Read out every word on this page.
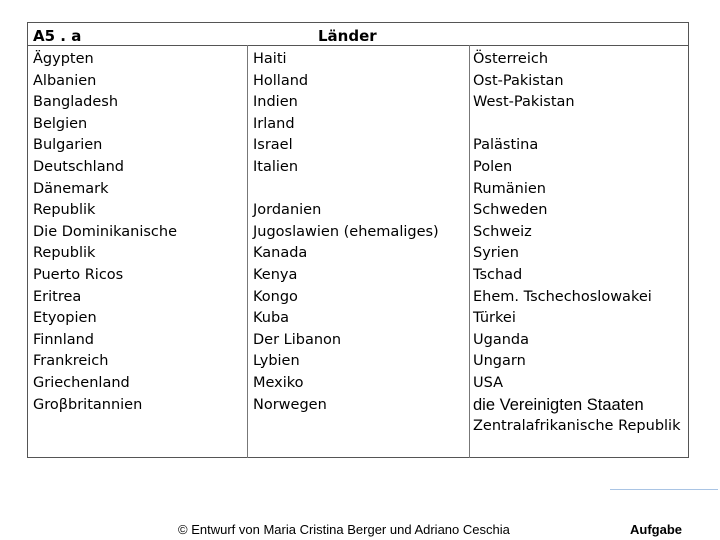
A5 . a	Länder
Ägypten
Albanien
Bangladesh
Belgien
Bulgarien
Deutschland
Dänemark
Republik
Die Dominikanische
Republik
Puerto Ricos
Eritrea
Etyopien
Finnland
Frankreich
Griechenland
Groβbritannien
Haiti
Holland
Indien
Irland
Israel
Italien
Jordanien
Jugoslawien (ehemaliges)
Kanada
Kenya
Kongo
Kuba
Der Libanon
Lybien
Mexiko
Norwegen
Österreich
Ost-Pakistan
West-Pakistan
Palästina
Polen
Rumänien
Schweden
Schweiz
Syrien
Tschad
Ehem. Tschechoslowakei
Türkei
Uganda
Ungarn
USA
die Vereinigten Staaten
Zentralafrikanische Republik
© Entwurf von Maria Cristina Berger und Adriano Ceschia	Aufgabe
